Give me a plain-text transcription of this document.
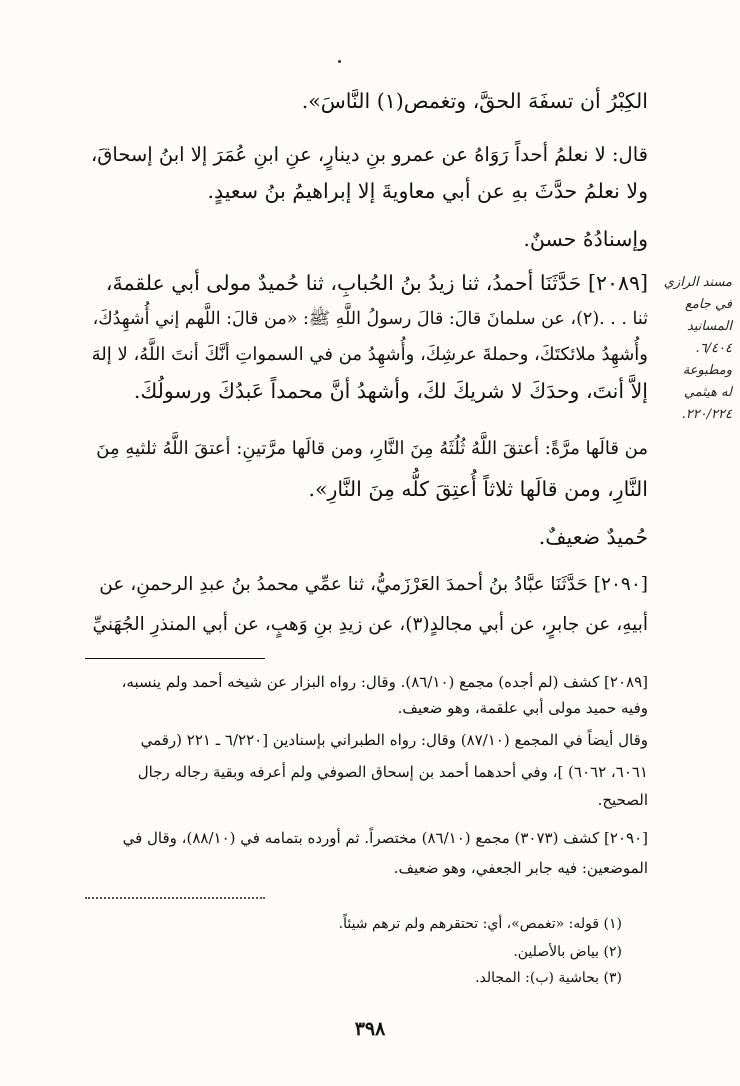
الكِبْرُ أن تسفَهَ الحقَّ، وتغمص(١) النَّاسَ».
قال: لا نعلمُ أحداً رَوَاهُ عن عمرو بنِ دينارٍ، عنِ ابنِ عُمَرَ إلا ابنُ إسحاقَ،
ولا نعلمُ حدَّثَ بهِ عن أبي معاويةَ إلا إبراهيمُ بنُ سعيدٍ.
وإسنادُهُ حسنٌ.
[٢٠٨٩] حَدَّثَنَا أحمدُ، ثنا زيدُ بنُ الحُبابِ، ثنا حُميدٌ مولى أبي علقمةَ،
ثنا . . .(٢)، عن سلمانَ قالَ: قالَ رسولُ اللَّهِ ﷺ: «من قالَ: اللَّهم إني أُشهِدُكَ،
وأُشهِدُ ملائكتَكَ، وحملةَ عرشِكَ، وأُشهِدُ من في السمواتِ أنَّكَ أنتَ اللَّهُ، لا إلهَ
إلاَّ أنتَ، وحدَكَ لا شريكَ لكَ، وأشهدُ أنَّ محمداً عَبدُكَ ورسولُكَ.
من قالَها مرَّةً: أعتقَ اللَّهُ ثُلُثَهُ مِنَ النَّارِ، ومن قالَها مرَّتينِ: أعتقَ اللَّهُ ثلثيهِ مِنَ
النَّارِ، ومن قالَها ثلاثاً أُعتِقَ كلُّه مِنَ النَّارِ».
حُميدٌ ضعيفٌ.
[٢٠٩٠] حَدَّثَنَا عبَّادُ بنُ أحمدَ العَرْزَميُّ، ثنا عمِّي محمدُ بنُ عبدِ الرحمنِ، عن
أبيهِ، عن جابرٍ، عن أبي مجالدٍ(٣)، عن زيدِ بنِ وَهبٍ، عن أبي المنذرِ الجُهَنيِّ
[٢٠٨٩] كشف (لم أجده) مجمع (٨٦/١٠). وقال: رواه البزار عن شيخه أحمد ولم ينسبه،
وفيه حميد مولى أبي علقمة، وهو ضعيف.
وقال أيضاً في المجمع (٨٧/١٠) وقال: رواه الطبراني بإسنادين [٦/٢٢٠ ـ ٢٢١ (رقمي
٦٠٦١، ٦٠٦٢) ]، وفي أحدهما أحمد بن إسحاق الصوفي ولم أعرفه وبقية رجاله رجال
الصحيح.
[٢٠٩٠] كشف (٣٠٧٣) مجمع (٨٦/١٠) مختصراً. ثم أورده بتمامه في (٨٨/١٠)، وقال في
الموضعين: فيه جابر الجعفي، وهو ضعيف.
(١) قوله: «تغمص»، أي: تحتقرهم ولم ترهم شيئاً.
(٢) بياض بالأصلين.
(٣) بحاشية (ب): المجالد.
مسند الرازي
في جامع
المسانيد
٦/٤٠٤.
ومطبوعة
له هيثمي
٢٢٠/٢٢٤.
٣٩٨
